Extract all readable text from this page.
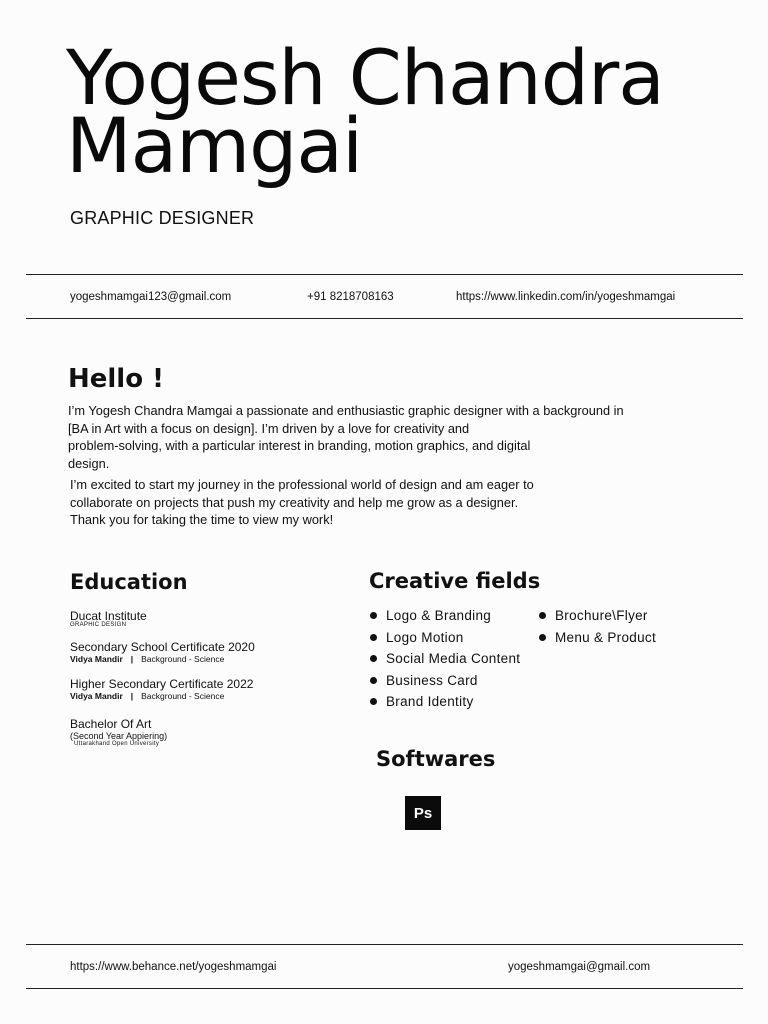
Yogesh Chandra
Mamgai
GRAPHIC DESIGNER
yogeshmamgai123@gmail.com	+91 8218708163	https://www.linkedin.com/in/yogeshmamgai
Hello !
I’m Yogesh Chandra Mamgai a passionate and enthusiastic graphic designer with a background in
[BA in Art with a focus on design]. I’m driven by a love for creativity and
problem-solving, with a particular interest in branding, motion graphics, and digital
design.
I’m excited to start my journey in the professional world of design and am eager to
collaborate on projects that push my creativity and help me grow as a designer.
Thank you for taking the time to view my work!
Education
Ducat Institute
GRAPHIC DESIGN
Secondary School Certificate 2020
Vidya Mandir | Background - Science
Higher Secondary Certificate 2022
Vidya Mandir | Background - Science
Bachelor Of Art
(Second Year Appiering)
Uttarakhand Open University
Creative fields
Logo & Branding
Logo Motion
Social Media Content
Business Card
Brand Identity
Brochure\Flyer
Menu & Product
Softwares
Ps
https://www.behance.net/yogeshmamgai	yogeshmamgai@gmail.com
